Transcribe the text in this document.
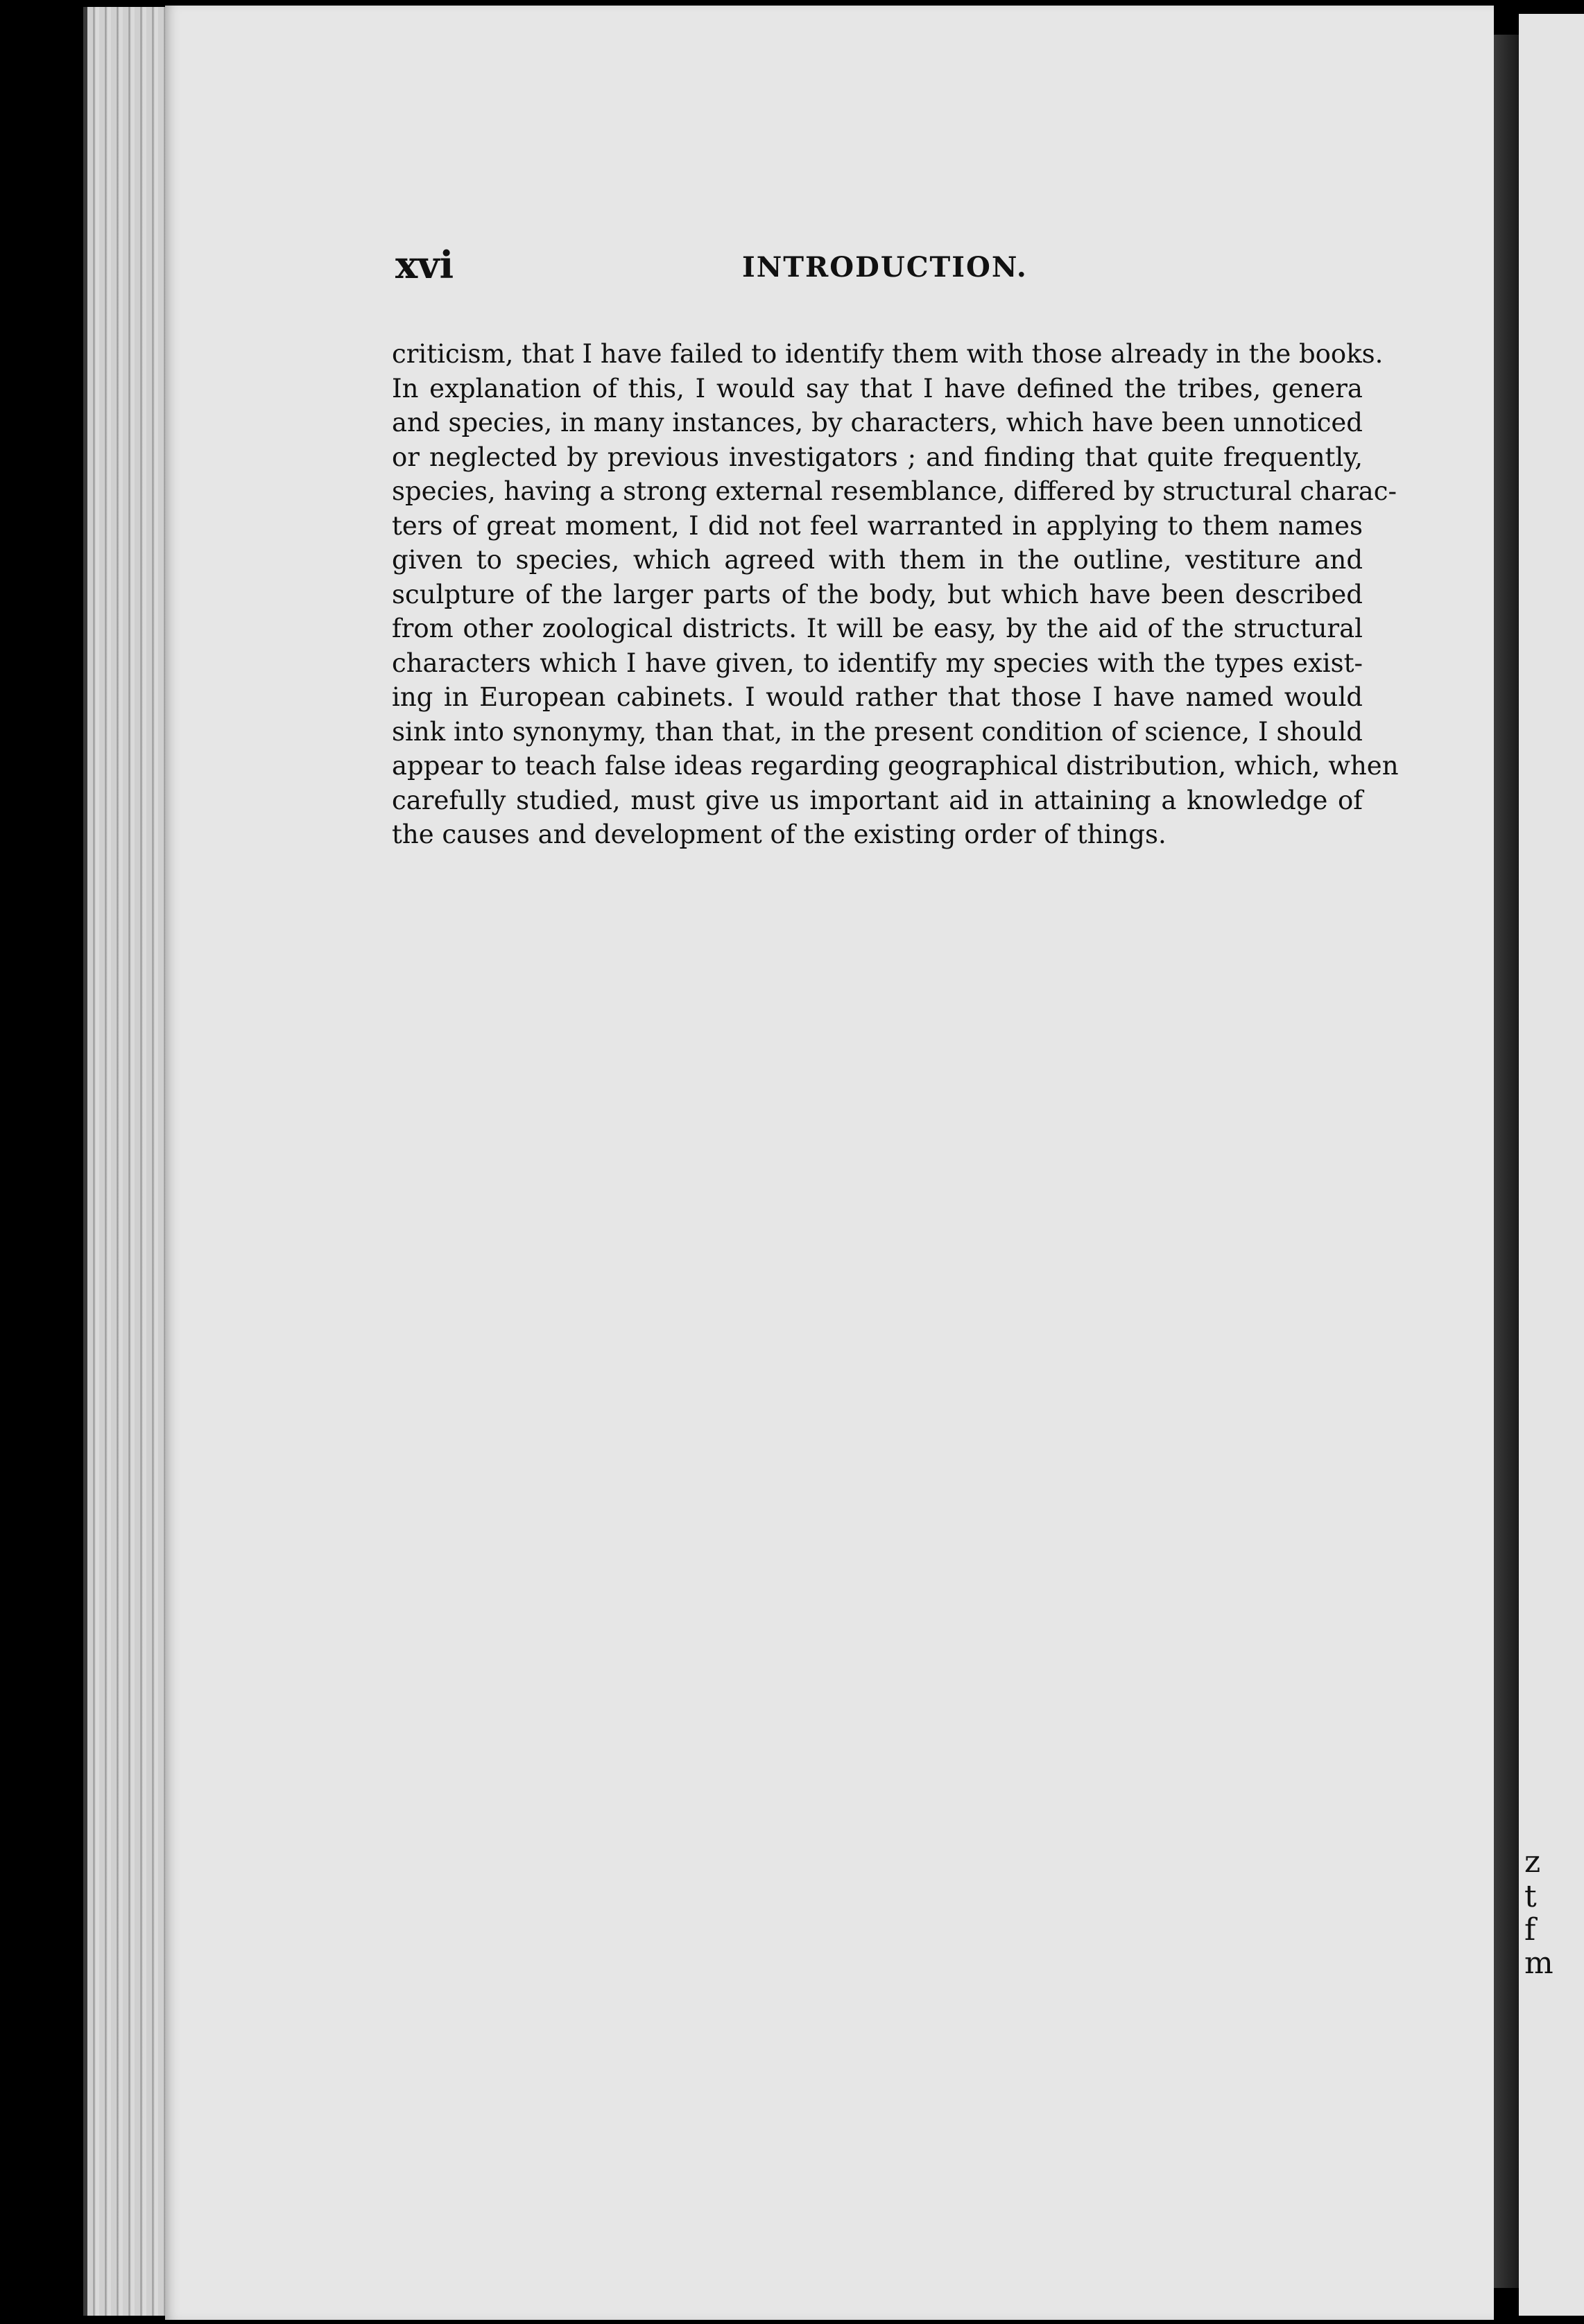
z
t
f
m
xvi	INTRODUCTION.
criticism, that I have failed to identify them with those already in the books.
In explanation of this, I would say that I have defined the tribes, genera
and species, in many instances, by characters, which have been unnoticed
or neglected by previous investigators ; and finding that quite frequently,
species, having a strong external resemblance, differed by structural charac-
ters of great moment, I did not feel warranted in applying to them names
given to species, which agreed with them in the outline, vestiture and
sculpture of the larger parts of the body, but which have been described
from other zoological districts. It will be easy, by the aid of the structural
characters which I have given, to identify my species with the types exist-
ing in European cabinets. I would rather that those I have named would
sink into synonymy, than that, in the present condition of science, I should
appear to teach false ideas regarding geographical distribution, which, when
carefully studied, must give us important aid in attaining a knowledge of
the causes and development of the existing order of things.
